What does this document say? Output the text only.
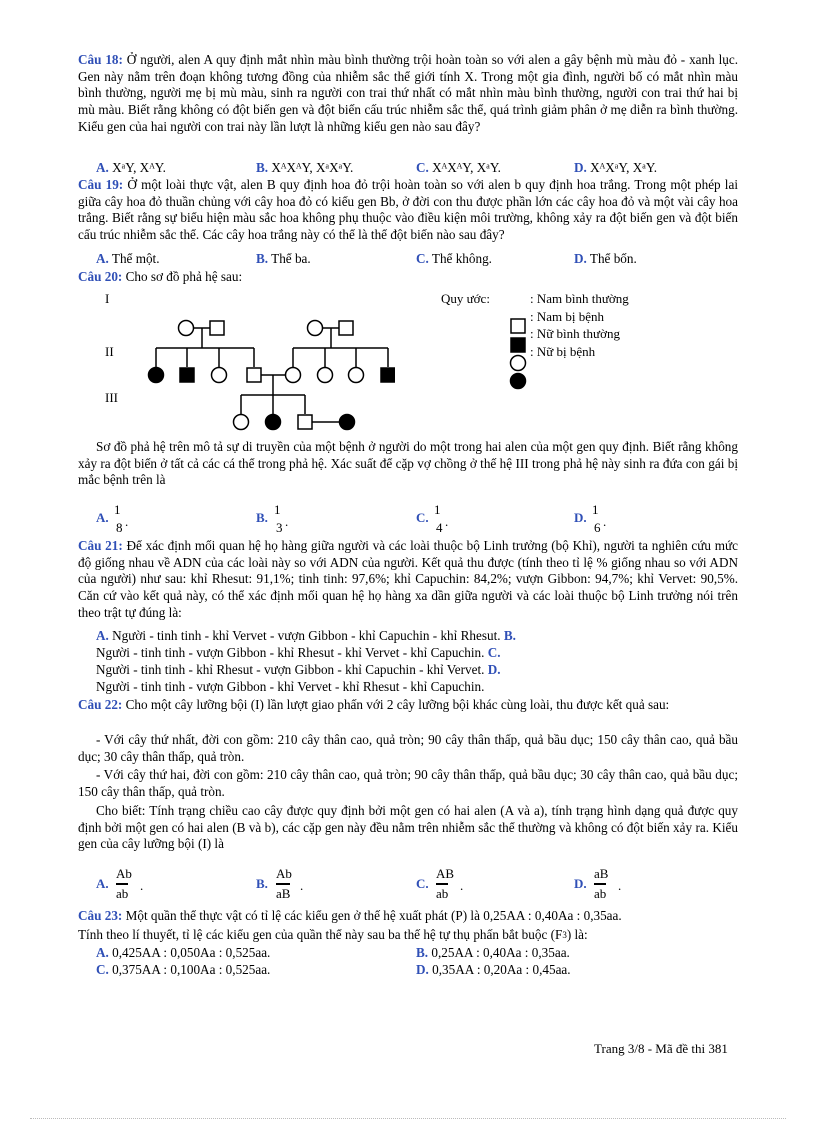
Câu 18: Ở người, alen A quy định mắt nhìn màu bình thường trội hoàn toàn so với alen a gây bệnh mù màu đỏ - xanh lục. Gen này nằm trên đoạn không tương đồng của nhiễm sắc thể giới tính X. Trong một gia đình, người bố có mắt nhìn màu bình thường, người mẹ bị mù màu, sinh ra người con trai thứ nhất có mắt nhìn màu bình thường, người con trai thứ hai bị mù màu. Biết rằng không có đột biến gen và đột biến cấu trúc nhiễm sắc thể, quá trình giảm phân ở mẹ diễn ra bình thường. Kiểu gen của hai người con trai này lần lượt là những kiểu gen nào sau đây?
A. XᵃY, XᴬY.	B. XᴬXᴬY, XᵃXᵃY.	C. XᴬXᴬY, XᵃY.	D. XᴬXᵃY, XᵃY.
Câu 19: Ở một loài thực vật, alen B quy định hoa đỏ trội hoàn toàn so với alen b quy định hoa trắng. Trong một phép lai giữa cây hoa đỏ thuần chủng với cây hoa đỏ có kiểu gen Bb, ở đời con thu được phần lớn các cây hoa đỏ và một vài cây hoa trắng. Biết rằng sự biểu hiện màu sắc hoa không phụ thuộc vào điều kiện môi trường, không xảy ra đột biến gen và đột biến cấu trúc nhiễm sắc thể. Các cây hoa trắng này có thể là thể đột biến nào sau đây?
A. Thể một.	B. Thể ba.	C. Thể không.	D. Thể bốn.
Câu 20: Cho sơ đồ phả hệ sau:
I
II
III
Quy ước:	: Nam bình thường
: Nam bị bệnh
: Nữ bình thường
: Nữ bị bệnh
Sơ đồ phả hệ trên mô tả sự di truyền của một bệnh ở người do một trong hai alen của một gen quy định. Biết rằng không xảy ra đột biến ở tất cả các cá thể trong phả hệ. Xác suất để cặp vợ chồng ở thế hệ III trong phả hệ này sinh ra đứa con gái bị mắc bệnh trên là
A.
1
8 .	B.
1
3 .	C.
1
4 .	D.
1
6 .
Câu 21: Để xác định mối quan hệ họ hàng giữa người và các loài thuộc bộ Linh trưởng (bộ Khỉ), người ta nghiên cứu mức độ giống nhau về ADN của các loài này so với ADN của người. Kết quả thu được (tính theo tỉ lệ % giống nhau so với ADN của người) như sau: khỉ Rhesut: 91,1%; tinh tinh: 97,6%; khỉ Capuchin: 84,2%; vượn Gibbon: 94,7%; khỉ Vervet: 90,5%. Căn cứ vào kết quả này, có thể xác định mối quan hệ họ hàng xa dần giữa người và các loài thuộc bộ Linh trưởng nói trên theo trật tự đúng là:
A. Người - tinh tinh - khỉ Vervet - vượn Gibbon - khỉ Capuchin - khỉ Rhesut. B.
Người - tinh tinh - vượn Gibbon - khỉ Rhesut - khỉ Vervet - khỉ Capuchin. C.
Người - tinh tinh - khỉ Rhesut - vượn Gibbon - khỉ Capuchin - khỉ Vervet. D.
Người - tinh tinh - vượn Gibbon - khỉ Vervet - khỉ Rhesut - khỉ Capuchin.
Câu 22: Cho một cây lưỡng bội (I) lần lượt giao phấn với 2 cây lưỡng bội khác cùng loài, thu được kết quả sau:
- Với cây thứ nhất, đời con gồm: 210 cây thân cao, quả tròn; 90 cây thân thấp, quả bầu dục; 150 cây thân cao, quả bầu dục; 30 cây thân thấp, quả tròn.
- Với cây thứ hai, đời con gồm: 210 cây thân cao, quả tròn; 90 cây thân thấp, quả bầu dục; 30 cây thân cao, quả bầu dục; 150 cây thân thấp, quả tròn.
Cho biết: Tính trạng chiều cao cây được quy định bởi một gen có hai alen (A và a), tính trạng hình dạng quả được quy định bởi một gen có hai alen (B và b), các cặp gen này đều nằm trên nhiễm sắc thể thường và không có đột biến xảy ra. Kiểu gen của cây lưỡng bội (I) là
A.
Ab
ab
.	B.
Ab
aB
.	C.
AB
ab
.	D.
aB
ab
.
Câu 23: Một quần thể thực vật có tỉ lệ các kiểu gen ở thế hệ xuất phát (P) là 0,25AA : 0,40Aa : 0,35aa.
Tính theo lí thuyết, tỉ lệ các kiểu gen của quần thể này sau ba thế hệ tự thụ phấn bắt buộc $(F_3)$ là:
A. 0,425AA : 0,050Aa : 0,525aa.	B. 0,25AA : 0,40Aa : 0,35aa.
C. 0,375AA : 0,100Aa : 0,525aa.	D. 0,35AA : 0,20Aa : 0,45aa.
Trang 3/8 - Mã đề thi 381
